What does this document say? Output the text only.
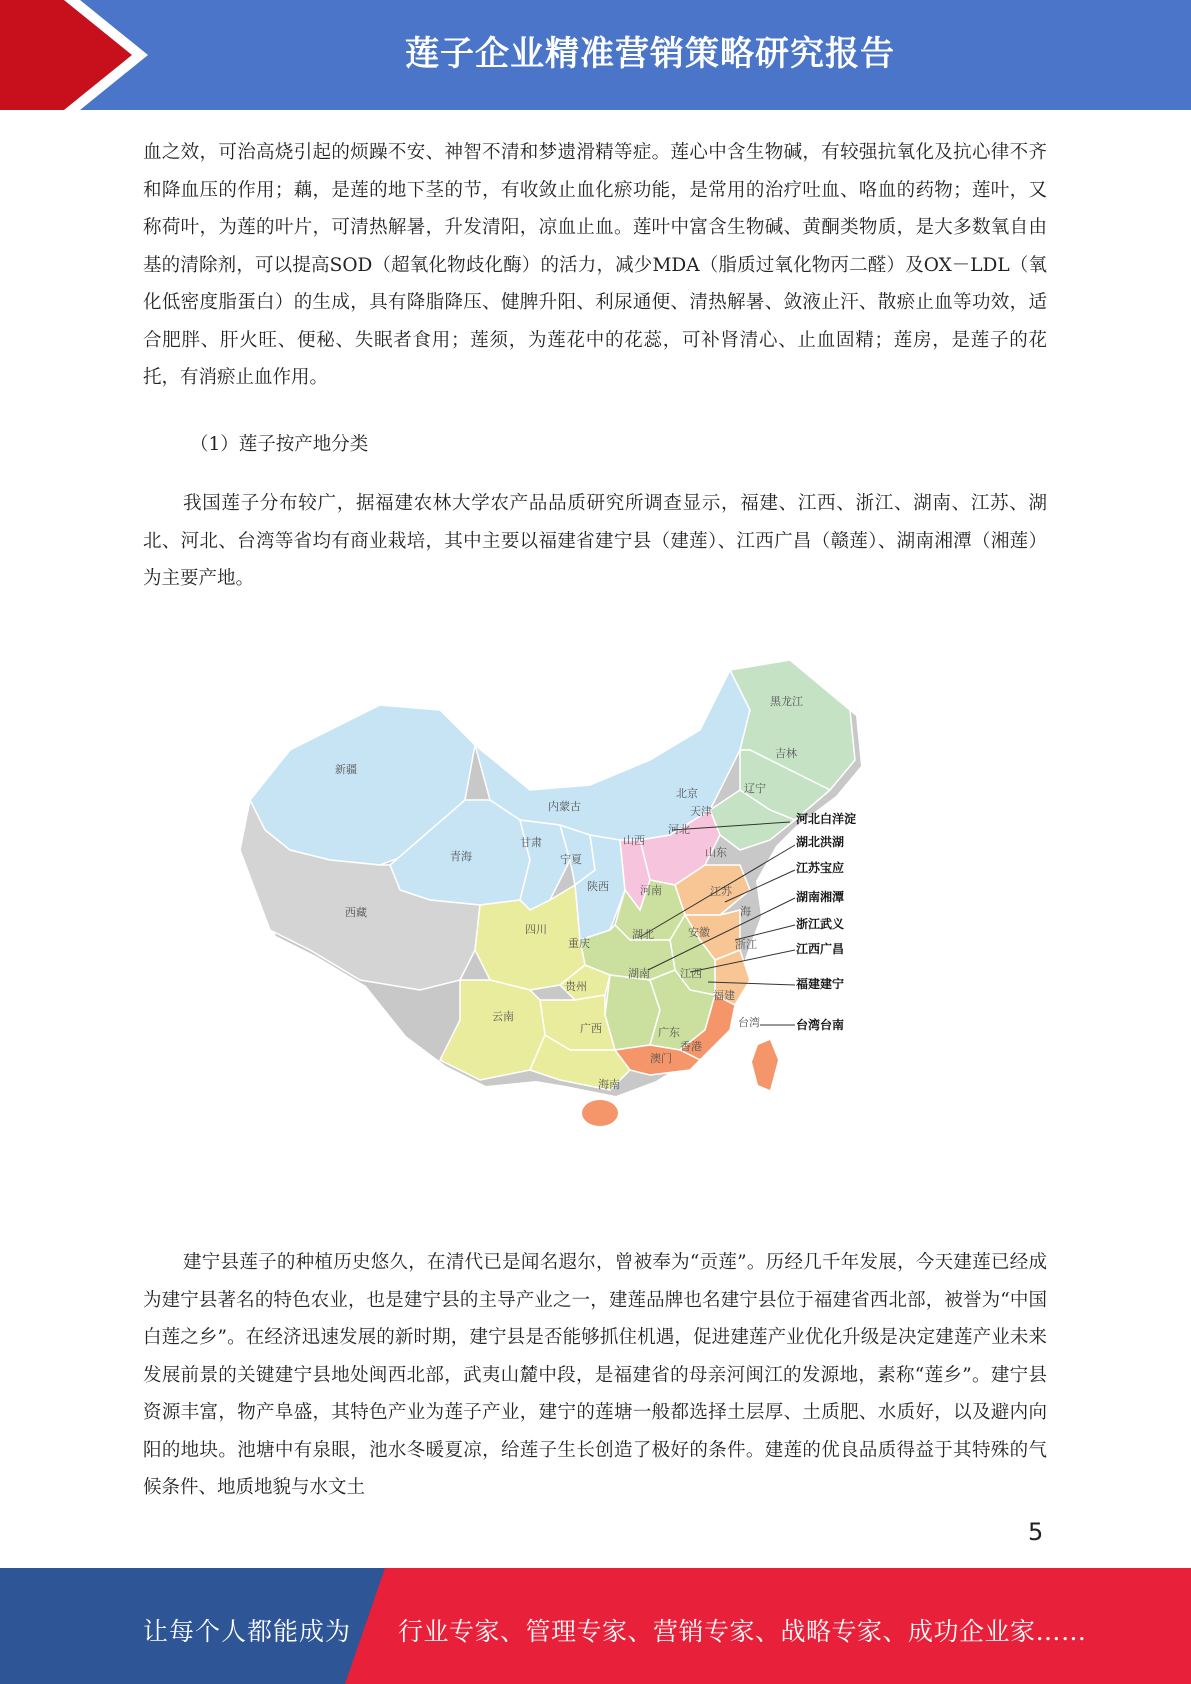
莲子企业精准营销策略研究报告

血之效，可治高烧引起的烦躁不安、神智不清和梦遗滑精等症。莲心中含生物碱，有较强抗氧化及抗心律不齐和降血压的作用；藕，是莲的地下茎的节，有收敛止血化瘀功能，是常用的治疗吐血、咯血的药物；莲叶，又称荷叶，为莲的叶片，可清热解暑，升发清阳，凉血止血。莲叶中富含生物碱、黄酮类物质，是大多数氧自由基的清除剂，可以提高SOD（超氧化物歧化酶）的活力，减少MDA（脂质过氧化物丙二醛）及OX－LDL（氧化低密度脂蛋白）的生成，具有降脂降压、健脾升阳、利尿通便、清热解暑、敛液止汗、散瘀止血等功效，适合肥胖、肝火旺、便秘、失眠者食用；莲须，为莲花中的花蕊，可补肾清心、止血固精；莲房，是莲子的花托，有消瘀止血作用。

（1）莲子按产地分类

我国莲子分布较广，据福建农林大学农产品品质研究所调查显示，福建、江西、浙江、湖南、江苏、湖北、河北、台湾等省均有商业栽培，其中主要以福建省建宁县（建莲）、江西广昌（赣莲）、湖南湘潭（湘莲）为主要产地。

新疆
西藏
内蒙古
青海
甘肃
宁夏
陕西
山西
黑龙江
吉林
辽宁
北京
天津
河北
山东
河南	江苏
海
安徽
浙江
湖北
四川
重庆
贵州
湖南	江西
福建
云南
广西	广东
海南
香港
澳门
台湾
河北白洋淀
湖北洪湖
江苏宝应
湖南湘潭
浙江武义
江西广昌
福建建宁
台湾台南

建宁县莲子的种植历史悠久，在清代已是闻名遐尔，曾被奉为“贡莲”。历经几千年发展，今天建莲已经成为建宁县著名的特色农业，也是建宁县的主导产业之一，建莲品牌也名建宁县位于福建省西北部，被誉为“中国白莲之乡”。在经济迅速发展的新时期，建宁县是否能够抓住机遇，促进建莲产业优化升级是决定建莲产业未来发展前景的关键建宁县地处闽西北部，武夷山麓中段，是福建省的母亲河闽江的发源地，素称“莲乡”。建宁县资源丰富，物产阜盛，其特色产业为莲子产业，建宁的莲塘一般都选择土层厚、土质肥、水质好，以及避内向阳的地块。池塘中有泉眼，池水冬暖夏凉，给莲子生长创造了极好的条件。建莲的优良品质得益于其特殊的气候条件、地质地貌与水文土

5
让每个人都能成为 行业专家、管理专家、营销专家、战略专家、成功企业家……
